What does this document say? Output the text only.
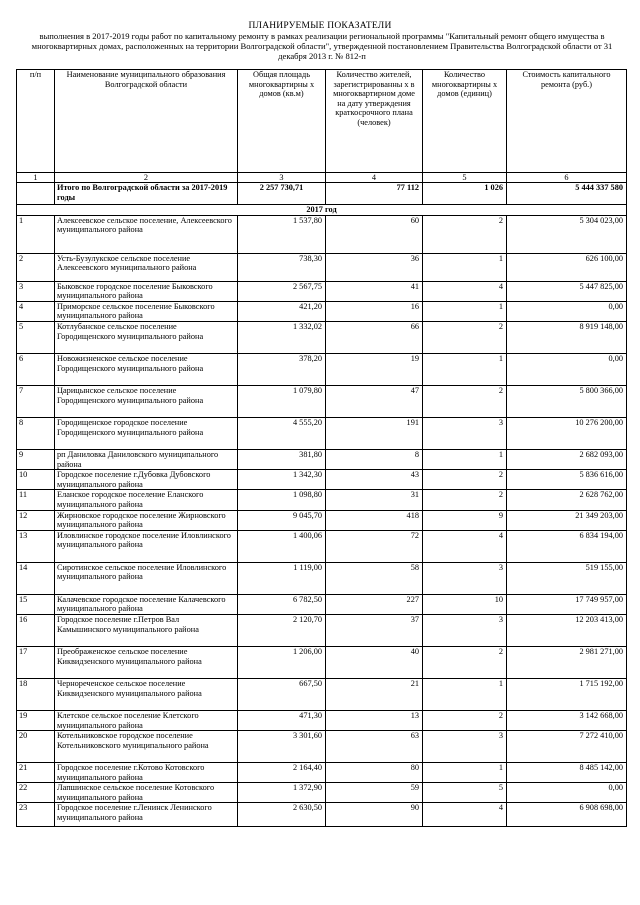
ПЛАНИРУЕМЫЕ ПОКАЗАТЕЛИ
выполнения в 2017-2019 годы работ по капитальному ремонту в рамках реализации региональной программы "Капитальный ремонт общего имущества в многоквартирных домах, расположенных на территории Волгоградской области", утвержденной постановлением Правительства Волгоградской области от 31 декабря 2013 г. № 812-п
п/п	Наименование муниципального образования Волгоградской области	Общая площадь многоквартирны х домов (кв.м)	Количество жителей, зарегистрированны х в многоквартирном доме на дату утверждения краткосрочного плана (человек)	Количество многоквартирны х домов (единиц)	Стоимость капитального ремонта (руб.)
1	2	3	4	5	6
	Итого по Волгоградской области за 2017-2019 годы	2 257 730,71	77 112	1 026	5 444 337 580
2017 год					
1	Алексеевское сельское поселение, Алексеевского муниципального района	1 537,80	60	2	5 304 023,00
2	Усть-Бузулукское сельское поселение Алексеевского муниципального района	738,30	36	1	626 100,00
3	Быковское городское поселение Быковского муниципального района	2 567,75	41	4	5 447 825,00
4	Приморское сельское поселение Быковского муниципального района	421,20	16	1	0,00
5	Котлубанское сельское поселение Городищенского муниципального района	1 332,02	66	2	8 919 148,00
6	Новожизненское сельское поселение Городищенского муниципального района	378,20	19	1	0,00
7	Царицынское сельское поселение Городищенского муниципального района	1 079,80	47	2	5 800 366,00
8	Городищенское городское поселение Городищенского муниципального района	4 555,20	191	3	10 276 200,00
9	рп Даниловка Даниловского муниципального района	381,80	8	1	2 682 093,00
10	Городское поселение г.Дубовка Дубовского муниципального района	1 342,30	43	2	5 836 616,00
11	Еланское городское поселение Еланского муниципального района	1 098,80	31	2	2 628 762,00
12	Жирновское городское поселение Жирновского муниципального района	9 045,70	418	9	21 349 203,00
13	Иловлинское городское поселение Иловлинского муниципального района	1 400,06	72	4	6 834 194,00
14	Сиротинское сельское поселение Иловлинского муниципального района	1 119,00	58	3	519 155,00
15	Калачевское городское поселение Калачевского муниципального района	6 782,50	227	10	17 749 957,00
16	Городское поселение г.Петров Вал Камышинского муниципального района	2 120,70	37	3	12 203 413,00
17	Преображенское сельское поселение Киквидзенского муниципального района	1 206,00	40	2	2 981 271,00
18	Чернореченское сельское поселение Киквидзенского муниципального района	667,50	21	1	1 715 192,00
19	Клетское сельское поселение Клетского муниципального района	471,30	13	2	3 142 668,00
20	Котельниковское городское поселение Котельниковского муниципального района	3 301,60	63	3	7 272 410,00
21	Городское поселение г.Котово Котовского муниципального района	2 164,40	80	1	8 485 142,00
22	Лапшинское сельское поселение Котовского муниципального района	1 372,90	59	5	0,00
23	Городское поселение г.Ленинск Ленинского муниципального района	2 630,50	90	4	6 908 698,00
